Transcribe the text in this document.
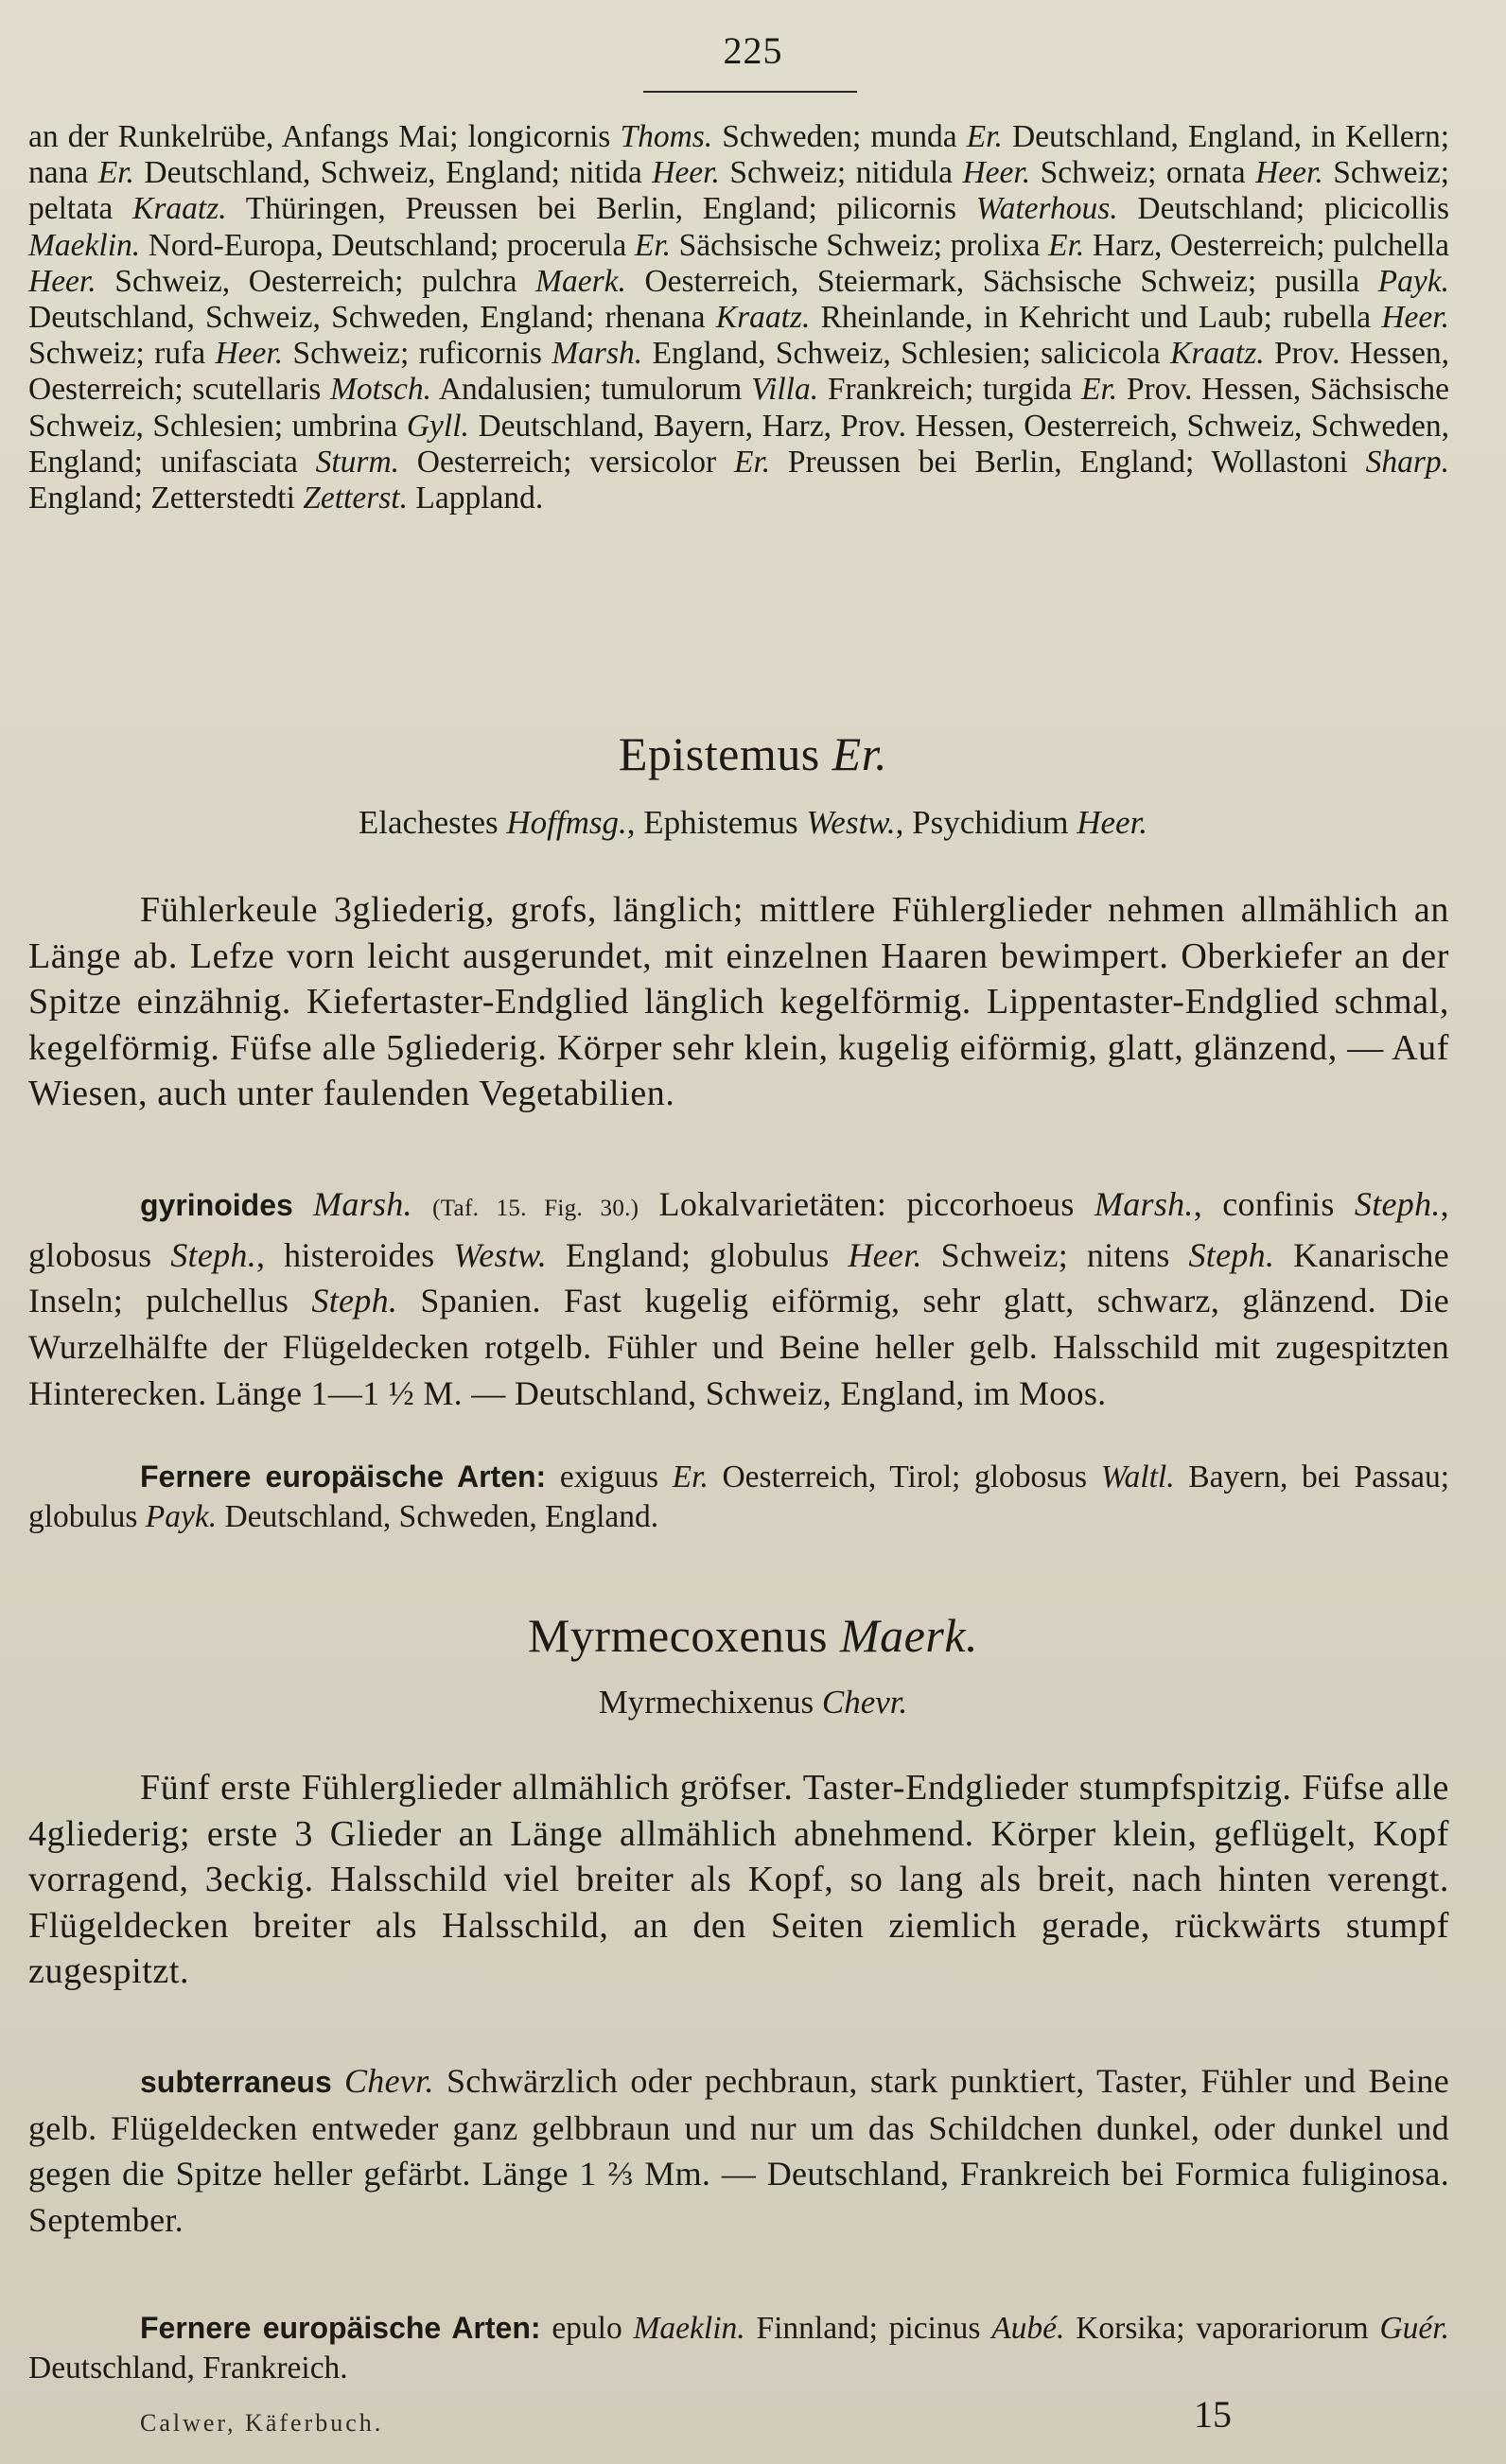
225
an der Runkelrübe, Anfangs Mai; longicornis Thoms. Schweden; munda Er. Deutschland, England, in Kellern; nana Er. Deutschland, Schweiz, England; nitida Heer. Schweiz; nitidula Heer. Schweiz; ornata Heer. Schweiz; peltata Kraatz. Thüringen, Preussen bei Berlin, England; pilicornis Waterhous. Deutschland; plicicollis Maeklin. Nord-Europa, Deutschland; procerula Er. Sächsische Schweiz; prolixa Er. Harz, Oesterreich; pulchella Heer. Schweiz, Oesterreich; pulchra Maerk. Oesterreich, Steiermark, Sächsische Schweiz; pusilla Payk. Deutschland, Schweiz, Schweden, England; rhenana Kraatz. Rheinlande, in Kehricht und Laub; rubella Heer. Schweiz; rufa Heer. Schweiz; ruficornis Marsh. England, Schweiz, Schlesien; salicicola Kraatz. Prov. Hessen, Oesterreich; scutellaris Motsch. Andalusien; tumulorum Villa. Frankreich; turgida Er. Prov. Hessen, Sächsische Schweiz, Schlesien; umbrina Gyll. Deutschland, Bayern, Harz, Prov. Hessen, Oesterreich, Schweiz, Schweden, England; unifasciata Sturm. Oesterreich; versicolor Er. Preussen bei Berlin, England; Wollastoni Sharp. England; Zetterstedti Zetterst. Lappland.
Epistemus Er.
Elachestes Hoffmsg., Ephistemus Westw., Psychidium Heer.
Fühlerkeule 3gliederig, grofs, länglich; mittlere Fühlerglieder nehmen allmählich an Länge ab. Lefze vorn leicht ausgerundet, mit einzelnen Haaren bewimpert. Oberkiefer an der Spitze einzähnig. Kiefertaster-Endglied länglich kegelförmig. Lippentaster-Endglied schmal, kegelförmig. Füfse alle 5gliederig. Körper sehr klein, kugelig eiförmig, glatt, glänzend, — Auf Wiesen, auch unter faulenden Vegetabilien.
gyrinoides Marsh. (Taf. 15. Fig. 30.) Lokalvarietäten: piccorhoeus Marsh., confinis Steph., globosus Steph., histeroides Westw. England; globulus Heer. Schweiz; nitens Steph. Kanarische Inseln; pulchellus Steph. Spanien. Fast kugelig eiförmig, sehr glatt, schwarz, glänzend. Die Wurzelhälfte der Flügeldecken rotgelb. Fühler und Beine heller gelb. Halsschild mit zugespitzten Hinterecken. Länge 1—1 ½ M. — Deutschland, Schweiz, England, im Moos.
Fernere europäische Arten: exiguus Er. Oesterreich, Tirol; globosus Waltl. Bayern, bei Passau; globulus Payk. Deutschland, Schweden, England.
Myrmecoxenus Maerk.
Myrmechixenus Chevr.
Fünf erste Fühlerglieder allmählich gröfser. Taster-Endglieder stumpfspitzig. Füfse alle 4gliederig; erste 3 Glieder an Länge allmählich abnehmend. Körper klein, geflügelt, Kopf vorragend, 3eckig. Halsschild viel breiter als Kopf, so lang als breit, nach hinten verengt. Flügeldecken breiter als Halsschild, an den Seiten ziemlich gerade, rückwärts stumpf zugespitzt.
subterraneus Chevr. Schwärzlich oder pechbraun, stark punktiert, Taster, Fühler und Beine gelb. Flügeldecken entweder ganz gelbbraun und nur um das Schildchen dunkel, oder dunkel und gegen die Spitze heller gefärbt. Länge 1 ⅔ Mm. — Deutschland, Frankreich bei Formica fuliginosa. September.
Fernere europäische Arten: epulo Maeklin. Finnland; picinus Aubé. Korsika; vaporariorum Guér. Deutschland, Frankreich.
Calwer, Käferbuch.	15
